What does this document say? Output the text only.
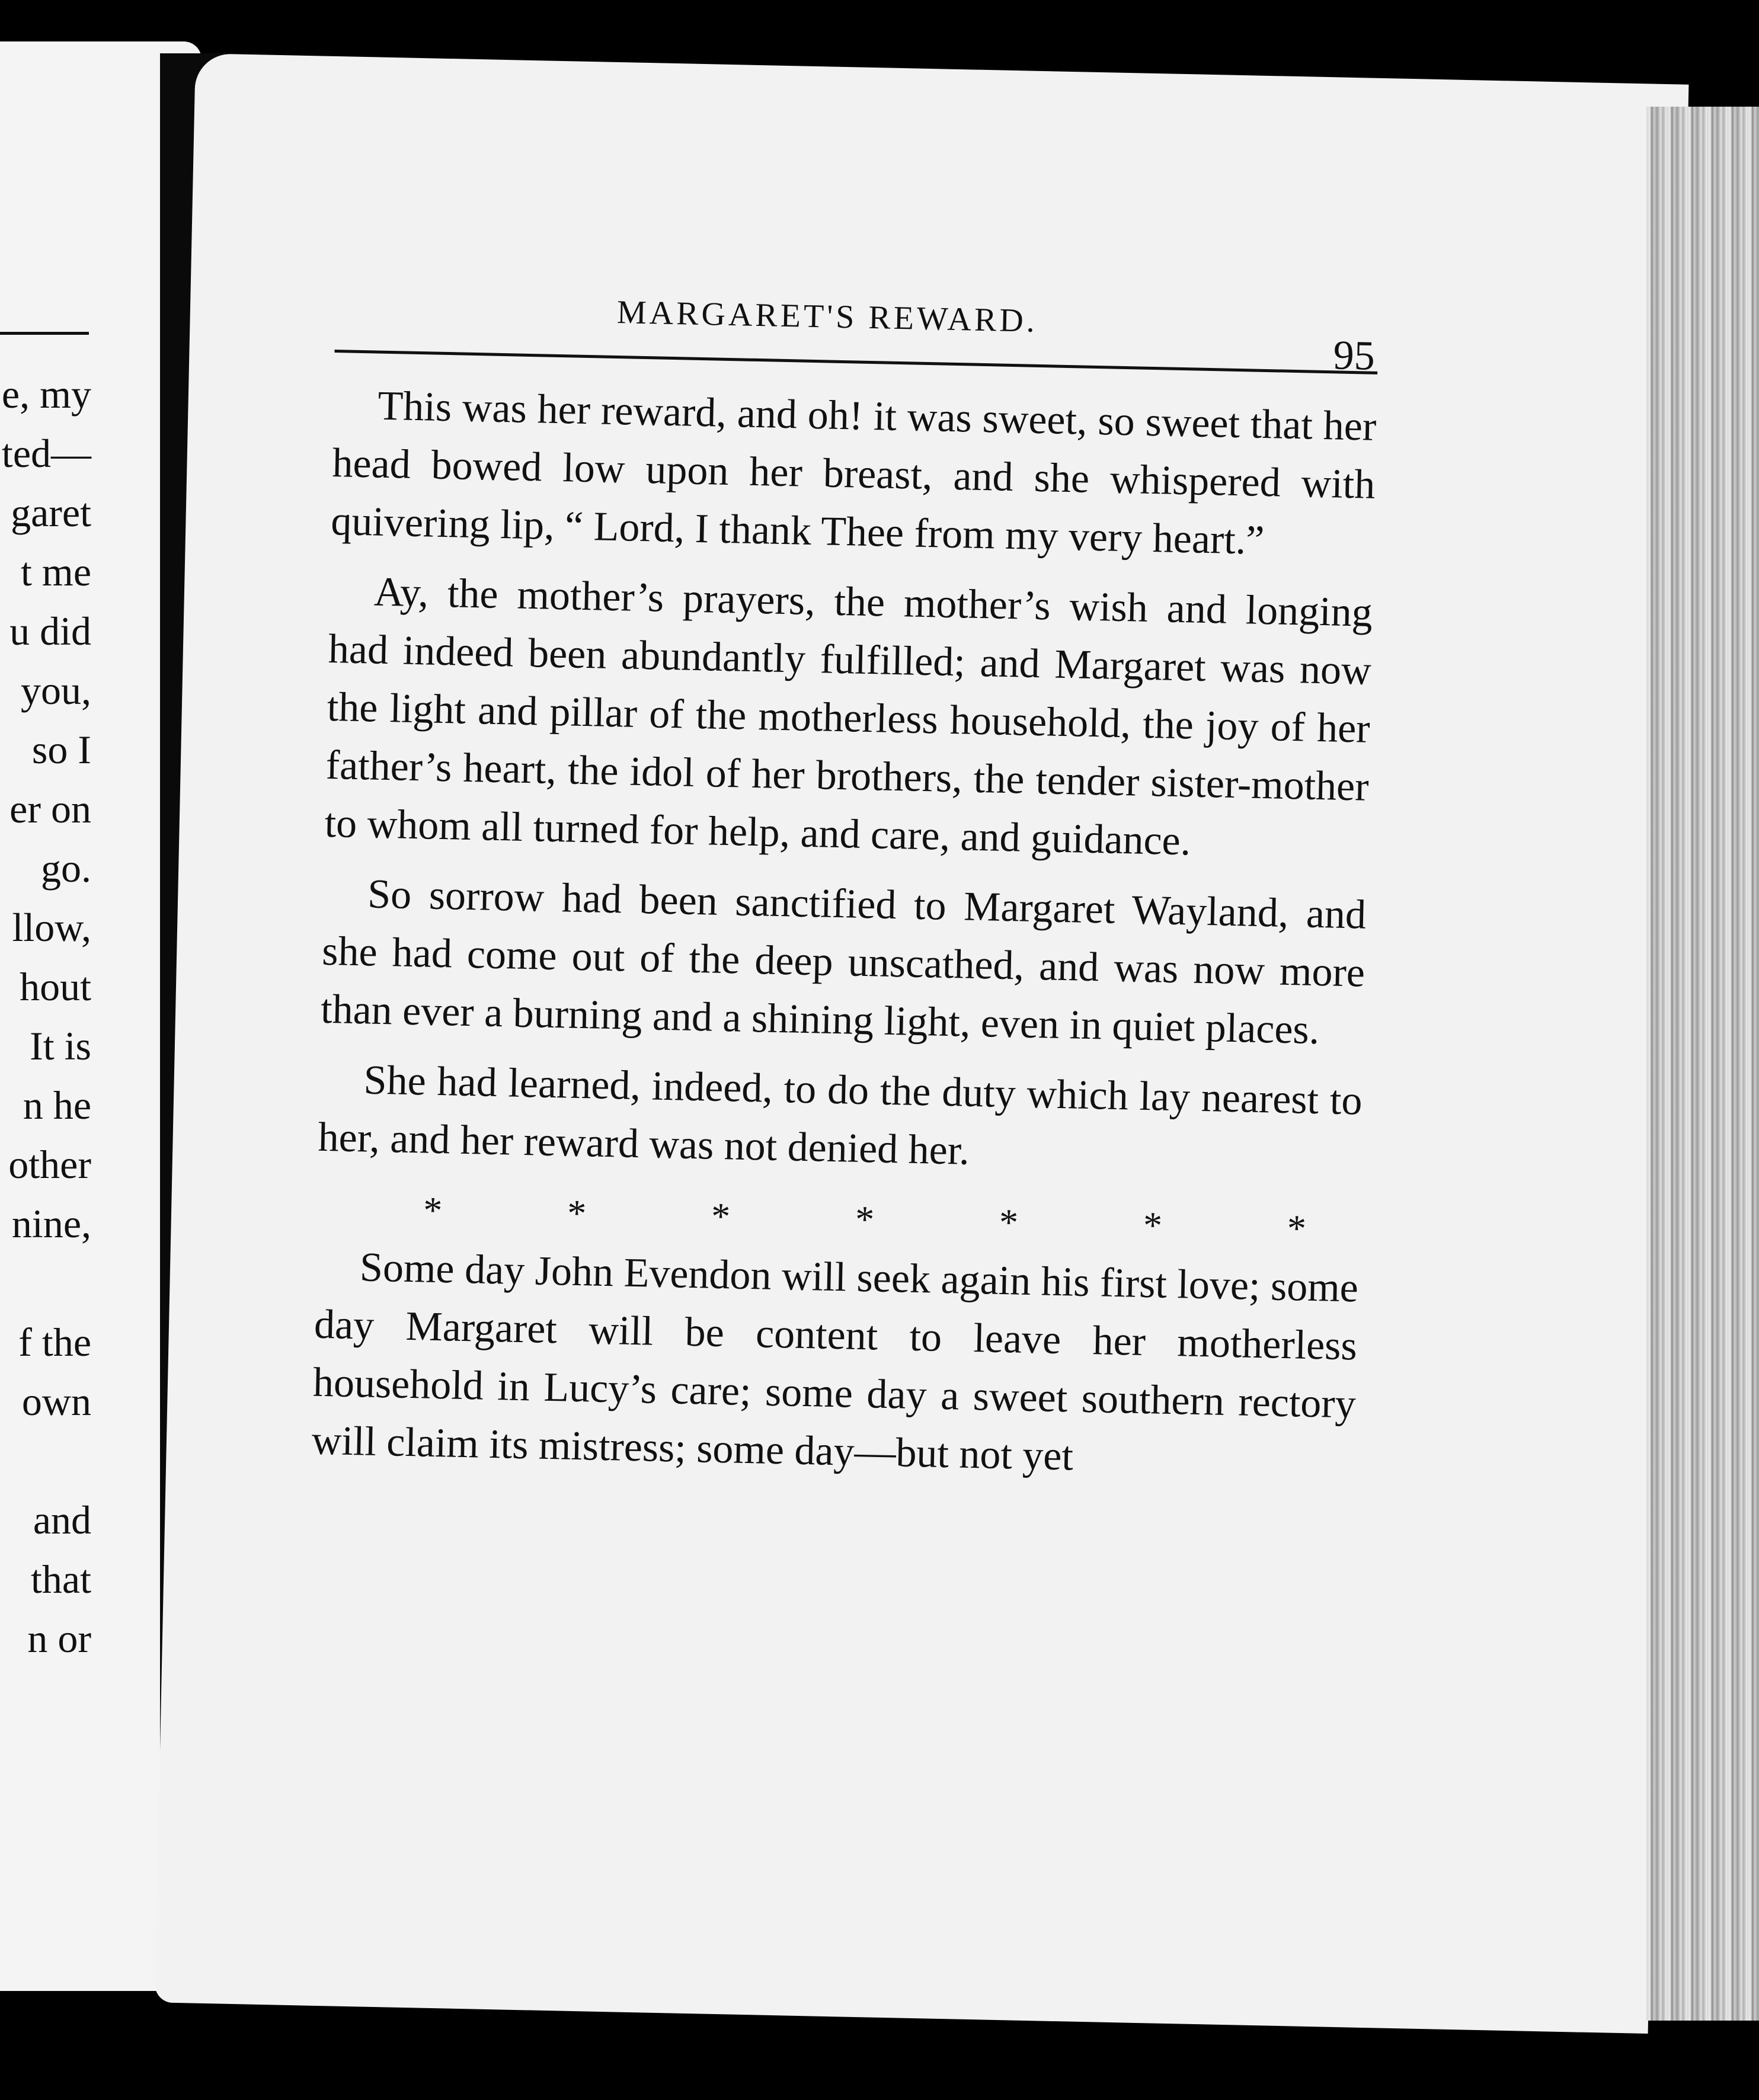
e, my
ted—
garet
t me
u did
you,
so I
er on
go.
llow,
hout
It is
n he
other
nine,
f the
own
and
that
n or
MARGARET'S REWARD.
95

This was her reward, and oh! it was sweet, so sweet that her head bowed low upon her breast, and she whispered with quivering lip, “ Lord, I thank Thee from my very heart.”

Ay, the mother’s prayers, the mother’s wish and longing had indeed been abundantly fulfilled; and Margaret was now the light and pillar of the motherless household, the joy of her father’s heart, the idol of her brothers, the tender sister-mother to whom all turned for help, and care, and guidance.

So sorrow had been sanctified to Margaret Wayland, and she had come out of the deep unscathed, and was now more than ever a burning and a shining light, even in quiet places.

She had learned, indeed, to do the duty which lay nearest to her, and her reward was not denied her.

*	*	*	*	*	*	*

Some day John Evendon will seek again his first love; some day Margaret will be content to leave her motherless household in Lucy’s care; some day a sweet southern rectory will claim its mistress; some day—but not yet
